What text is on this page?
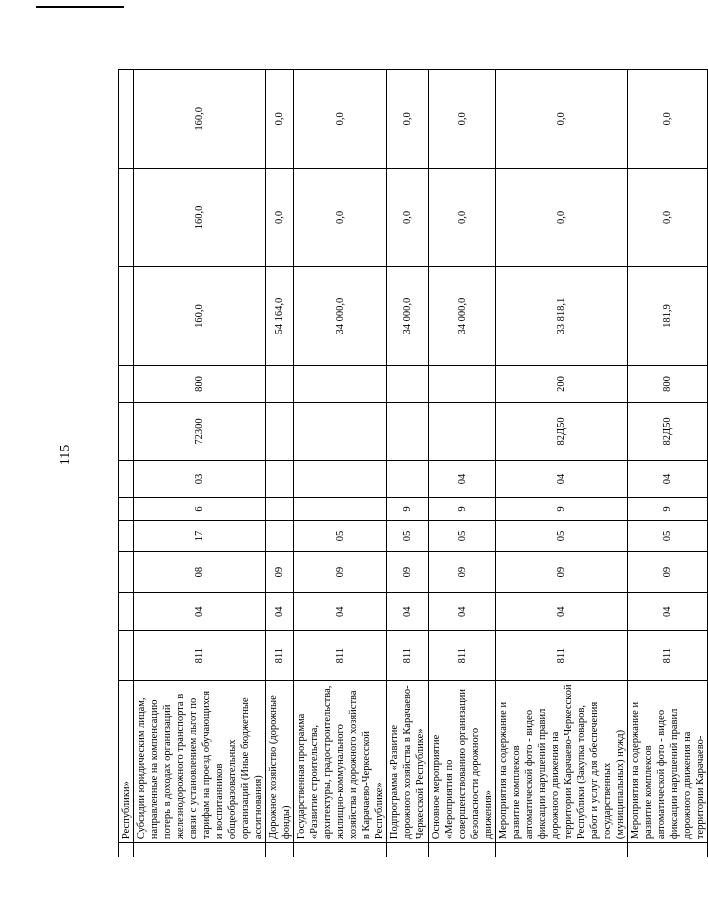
115
	Республики»											
	Субсидии юридическим лицам, направленные на компенсацию потерь в доходах организаций железнодорожного транспорта в связи с установлением льгот по тарифам на проезд обучающихся и воспитанников общеобразовательных организаций (Иные бюджетные ассигнования)	811	04	08	17	6	03	72300	800	160,0	160,0	160,0
	Дорожное хозяйство (дорожные фонды)	811	04	09						54 164,0	0,0	0,0
	Государственная программа «Развитие строительства, архитектуры, градостроительства, жилищно-коммунального хозяйства и дорожного хозяйства в Карачаево-Черкесской Республике»	811	04	09	05					34 000,0	0,0	0,0
	Подпрограмма «Развитие дорожного хозяйства в Карачаево-Черкесской Республике»	811	04	09	05	9				34 000,0	0,0	0,0
	Основное мероприятие «Мероприятия по совершенствованию организации безопасности дорожного движения»	811	04	09	05	9	04			34 000,0	0,0	0,0
	Мероприятия на содержание и развитие комплексов автоматической фото - видео фиксации нарушений правил дорожного движения на территории Карачаево-Черкесской Республики (Закупка товаров, работ и услуг для обеспечения государственных (муниципальных) нужд)	811	04	09	05	9	04	82Д50	200	33 818,1	0,0	0,0
	Мероприятия на содержание и развитие комплексов автоматической фото - видео фиксации нарушений правил дорожного движения на территории Карачаево-	811	04	09	05	9	04	82Д50	800	181,9	0,0	0,0
